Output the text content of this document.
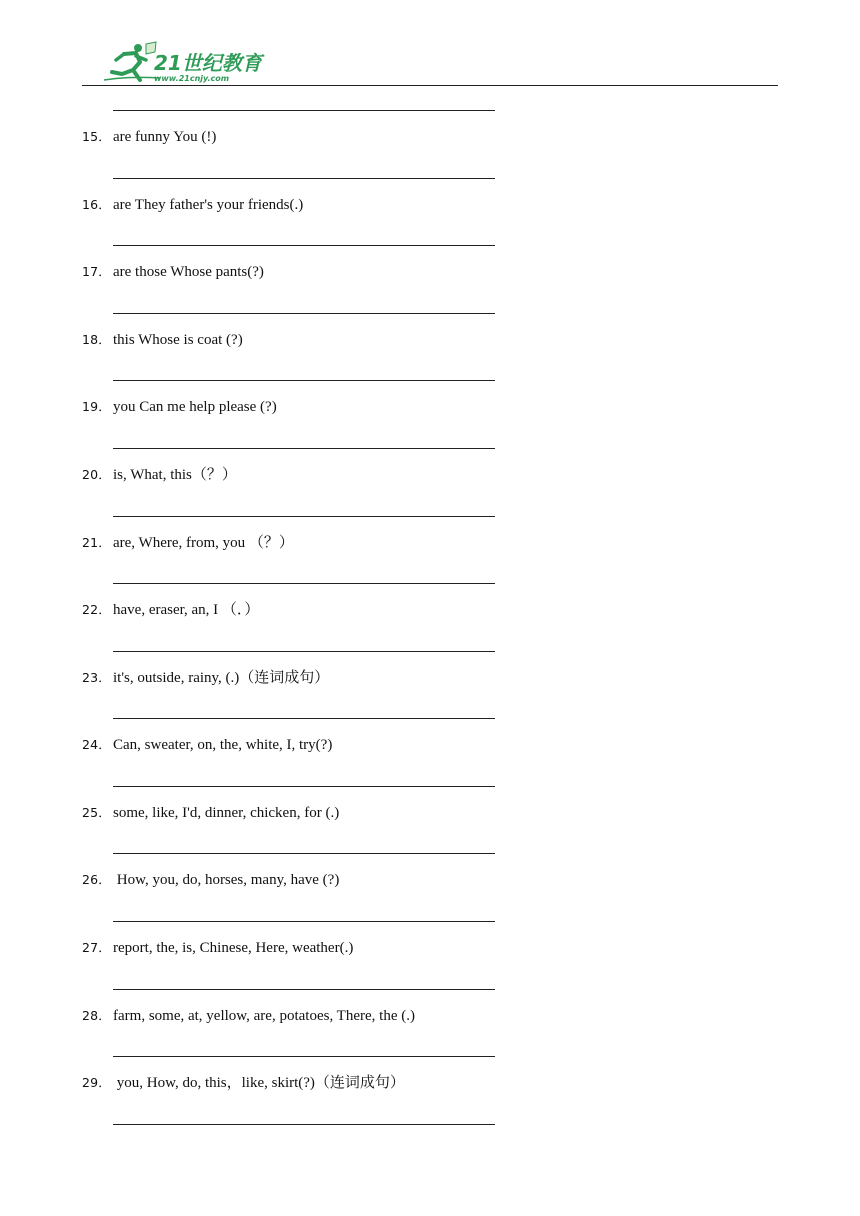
21世纪教育
www.21cnjy.com
15． are funny You (!)
16． are They father's your friends(.)
17． are those Whose pants(?)
18． this Whose is coat (?)
19． you Can me help please (?)
20． is, What, this（？）
21． are, Where, from, you （？）
22． have, eraser, an, I （．）
23． it's, outside, rainy, (.)（连词成句）
24． Can, sweater, on, the, white, I, try(?)
25． some, like, I'd, dinner, chicken, for (.)
26． How, you, do, horses, many, have (?)
27． report, the, is, Chinese, Here, weather(.)
28． farm, some, at, yellow, are, potatoes, There, the (.)
29． you, How, do, this，like, skirt(?)（连词成句）
